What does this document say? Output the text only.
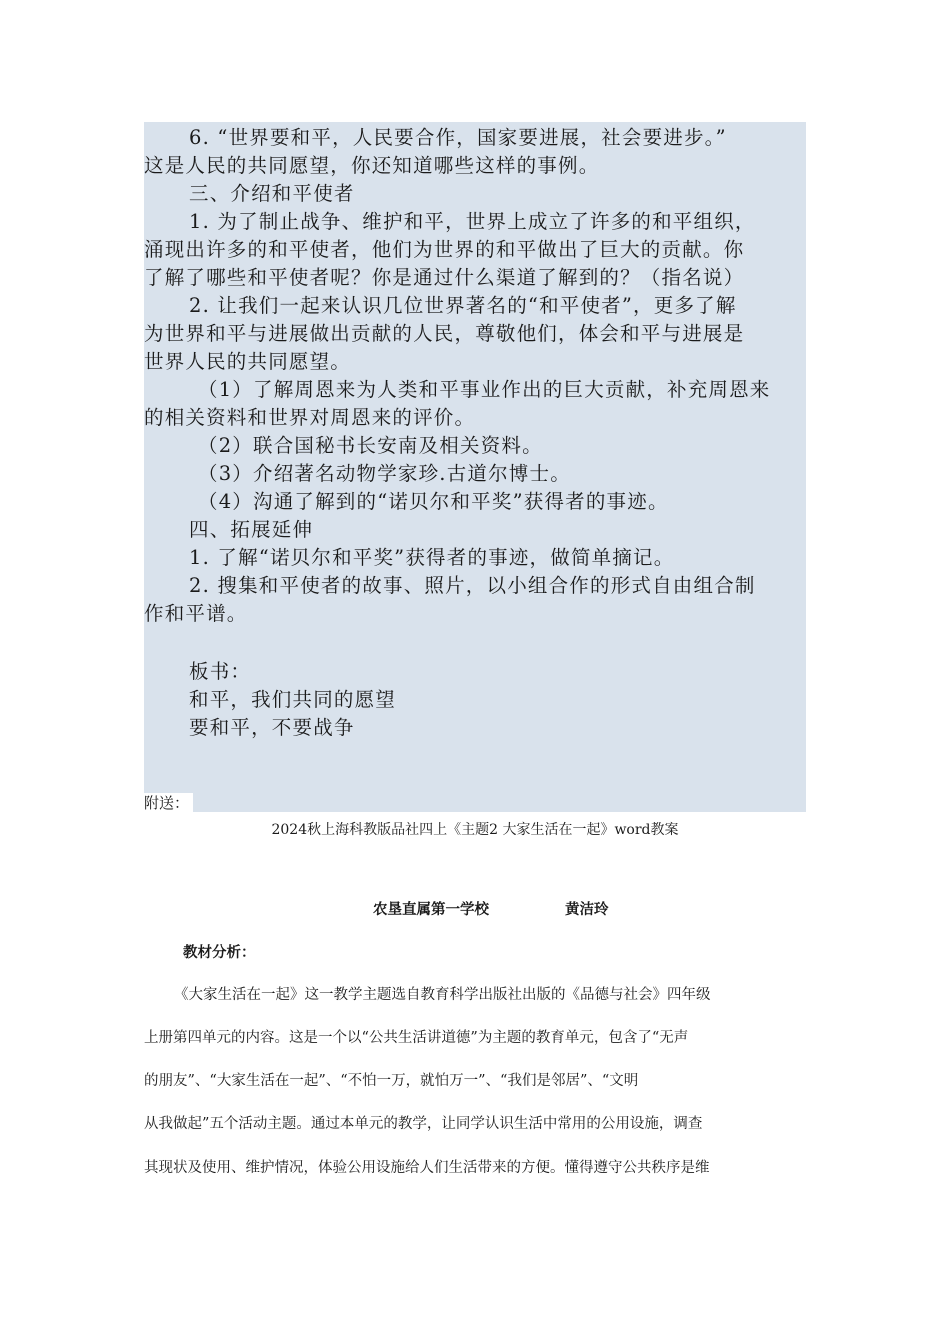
6. “世界要和平，人民要合作，国家要进展，社会要进步。”
这是人民的共同愿望，你还知道哪些这样的事例。
三、介绍和平使者
1. 为了制止战争、维护和平，世界上成立了许多的和平组织，
涌现出许多的和平使者，他们为世界的和平做出了巨大的贡献。你
了解了哪些和平使者呢？你是通过什么渠道了解到的？（指名说）
2. 让我们一起来认识几位世界著名的“和平使者”，更多了解
为世界和平与进展做出贡献的人民，尊敬他们，体会和平与进展是
世界人民的共同愿望。
（1）了解周恩来为人类和平事业作出的巨大贡献，补充周恩来
的相关资料和世界对周恩来的评价。
（2）联合国秘书长安南及相关资料。
（3）介绍著名动物学家珍.古道尔博士。
（4）沟通了解到的“诺贝尔和平奖”获得者的事迹。
四、拓展延伸
1. 了解“诺贝尔和平奖”获得者的事迹，做简单摘记。
2. 搜集和平使者的故事、照片，以小组合作的形式自由组合制
作和平谱。
板书：
和平，我们共同的愿望
要和平，不要战争
附送：
2024秋上海科教版品社四上《主题2 大家生活在一起》word教案
农垦直属第一学校	黄洁玲
教材分析：
《大家生活在一起》这一教学主题选自教育科学出版社出版的《品德与社会》四年级
上册第四单元的内容。这是一个以“公共生活讲道德”为主题的教育单元，包含了“无声
的朋友”、“大家生活在一起”、“不怕一万，就怕万一”、“我们是邻居”、“文明
从我做起”五个活动主题。通过本单元的教学，让同学认识生活中常用的公用设施，调查
其现状及使用、维护情况，体验公用设施给人们生活带来的方便。懂得遵守公共秩序是维
